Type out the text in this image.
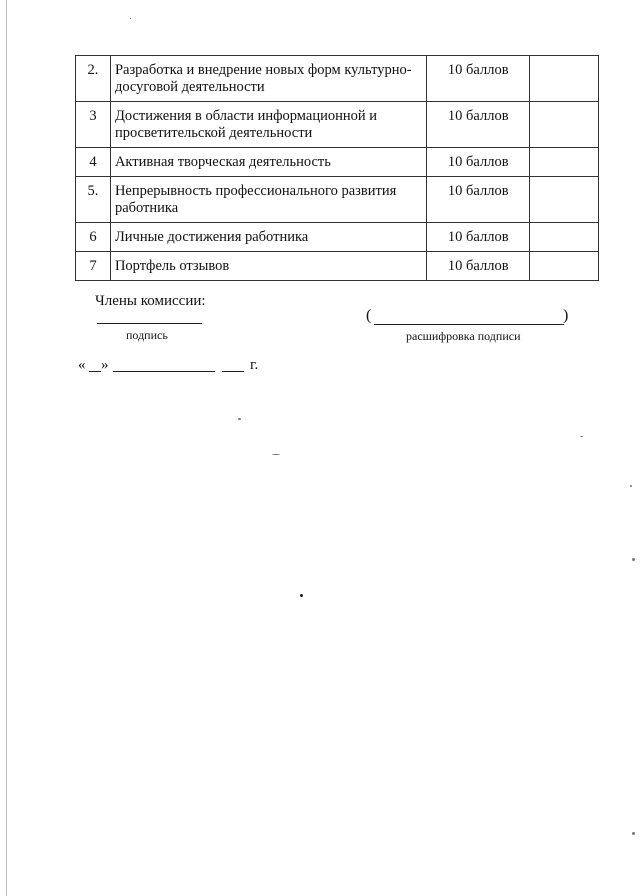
2.	Разработка и внедрение новых форм культурно-досуговой деятельности	10 баллов	
3	Достижения в области информационной и просветительской деятельности	10 баллов	
4	Активная творческая деятельность	10 баллов	
5.	Непрерывность профессионального развития работника	10 баллов	
6	Личные достижения работника	10 баллов	
7	Портфель отзывов	10 баллов	
Члены комиссии:
подпись
(	)
расшифровка подписи
« »	г.
